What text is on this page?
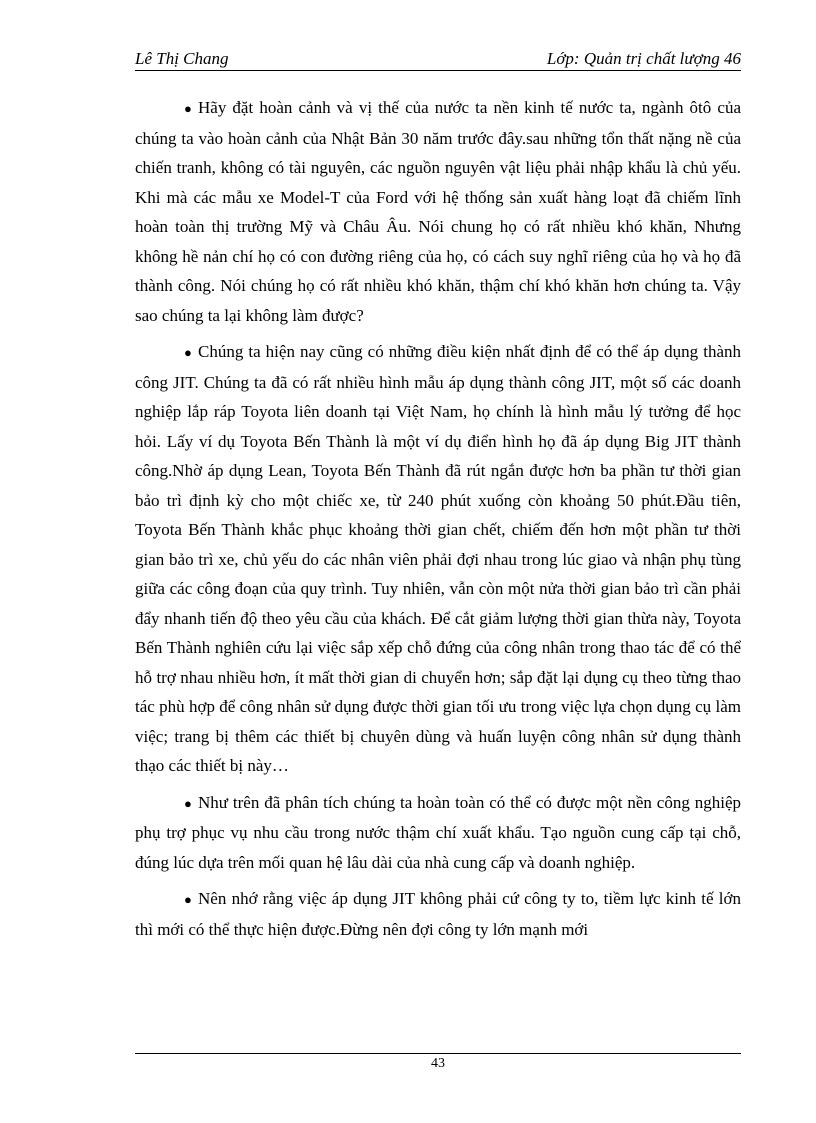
Lê Thị Chang	Lớp: Quản trị chất lượng 46

● Hãy đặt hoàn cảnh và vị thế của nước ta nền kinh tế nước ta, ngành ôtô của chúng ta vào hoàn cảnh của Nhật Bản 30 năm trước đây.sau những tổn thất nặng nề của chiến tranh, không có tài nguyên, các nguồn nguyên vật liệu phải nhập khẩu là chủ yếu. Khi mà các mẫu xe Model-T của Ford với hệ thống sản xuất hàng loạt đã chiếm lĩnh hoàn toàn thị trường Mỹ và Châu Âu. Nói chung họ có rất nhiều khó khăn, Nhưng không hề nản chí họ có con đường riêng của họ, có cách suy nghĩ riêng của họ và họ đã thành công. Nói chúng họ có rất nhiều khó khăn, thậm chí khó khăn hơn chúng ta. Vậy sao chúng ta lại không làm được?

● Chúng ta hiện nay cũng có những điều kiện nhất định để có thể áp dụng thành công JIT. Chúng ta đã có rất nhiều hình mẫu áp dụng thành công JIT, một số các doanh nghiệp lắp ráp Toyota liên doanh tại Việt Nam, họ chính là hình mẫu lý tưởng để học hỏi. Lấy ví dụ Toyota Bến Thành là một ví dụ điển hình họ đã áp dụng Big JIT thành công.Nhờ áp dụng Lean, Toyota Bến Thành đã rút ngắn được hơn ba phần tư thời gian bảo trì định kỳ cho một chiếc xe, từ 240 phút xuống còn khoảng 50 phút.Đầu tiên, Toyota Bến Thành khắc phục khoảng thời gian chết, chiếm đến hơn một phần tư thời gian bảo trì xe, chủ yếu do các nhân viên phải đợi nhau trong lúc giao và nhận phụ tùng giữa các công đoạn của quy trình. Tuy nhiên, vẫn còn một nửa thời gian bảo trì cần phải đẩy nhanh tiến độ theo yêu cầu của khách. Để cắt giảm lượng thời gian thừa này, Toyota Bến Thành nghiên cứu lại việc sắp xếp chỗ đứng của công nhân trong thao tác để có thể hỗ trợ nhau nhiều hơn, ít mất thời gian di chuyển hơn; sắp đặt lại dụng cụ theo từng thao tác phù hợp để công nhân sử dụng được thời gian tối ưu trong việc lựa chọn dụng cụ làm việc; trang bị thêm các thiết bị chuyên dùng và huấn luyện công nhân sử dụng thành thạo các thiết bị này…

● Như trên đã phân tích chúng ta hoàn toàn có thể có được một nền công nghiệp phụ trợ phục vụ nhu cầu trong nước thậm chí xuất khẩu. Tạo nguồn cung cấp tại chỗ, đúng lúc dựa trên mối quan hệ lâu dài của nhà cung cấp và doanh nghiệp.

● Nên nhớ rằng việc áp dụng JIT không phải cứ công ty to, tiềm lực kinh tế lớn thì mới có thể thực hiện được.Đừng nên đợi công ty lớn mạnh mới

43
